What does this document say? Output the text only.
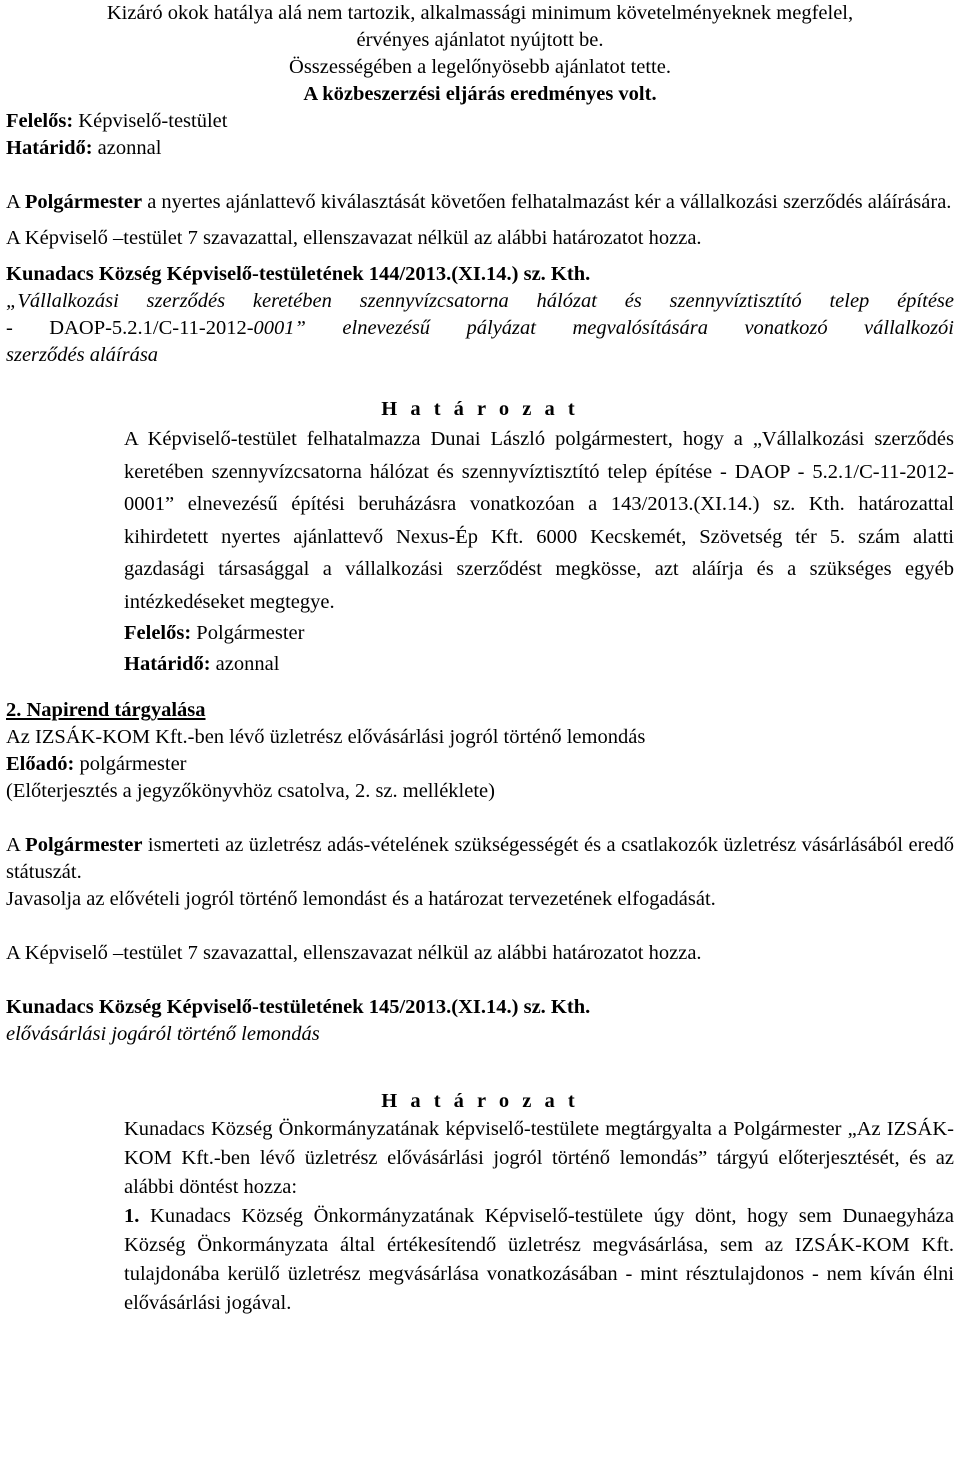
Kizáró okok hatálya alá nem tartozik, alkalmassági minimum követelményeknek megfelel,

érvényes ajánlatot nyújtott be.

Összességében a legelőnyösebb ajánlatot tette.

A közbeszerzési eljárás eredményes volt.

Felelős: Képviselő-testület

Határidő: azonnal

A Polgármester a nyertes ajánlattevő kiválasztását követően felhatalmazást kér a vállalkozási szerződés aláírására.

A Képviselő –testület 7 szavazattal, ellenszavazat nélkül az alábbi határozatot hozza.

Kunadacs Község Képviselő-testületének 144/2013.(XI.14.) sz. Kth.

„Vállalkozási szerződés keretében szennyvízcsatorna hálózat és szennyvíztisztító telep építése

- DAOP-5.2.1/C-11-2012-0001” elnevezésű pályázat megvalósítására vonatkozó vállalkozói

szerződés aláírása

H a t á r o z a t

A Képviselő-testület felhatalmazza Dunai László polgármestert, hogy a „Vállalkozási szerződés keretében szennyvízcsatorna hálózat és szennyvíztisztító telep építése - DAOP - 5.2.1/C-11-2012-0001” elnevezésű építési beruházásra vonatkozóan a 143/2013.(XI.14.) sz. Kth. határozattal kihirdetett nyertes ajánlattevő Nexus-Ép Kft. 6000 Kecskemét, Szövetség tér 5. szám alatti gazdasági társasággal a vállalkozási szerződést megkösse, azt aláírja és a szükséges egyéb intézkedéseket megtegye.

Felelős: Polgármester

Határidő: azonnal

2. Napirend tárgyalása

Az IZSÁK-KOM Kft.-ben lévő üzletrész elővásárlási jogról történő lemondás

Előadó: polgármester

(Előterjesztés a jegyzőkönyvhöz csatolva, 2. sz. melléklete)

A Polgármester ismerteti az üzletrész adás-vételének szükségességét és a csatlakozók üzletrész vásárlásából eredő státuszát.

Javasolja az elővételi jogról történő lemondást és a határozat tervezetének elfogadását.

A Képviselő –testület 7 szavazattal, ellenszavazat nélkül az alábbi határozatot hozza.

Kunadacs Község Képviselő-testületének 145/2013.(XI.14.) sz. Kth.

elővásárlási jogáról történő lemondás

H a t á r o z a t

Kunadacs Község Önkormányzatának képviselő-testülete megtárgyalta a Polgármester „Az IZSÁK-KOM Kft.-ben lévő üzletrész elővásárlási jogról történő lemondás” tárgyú előterjesztését, és az alábbi döntést hozza:

1. Kunadacs Község Önkormányzatának Képviselő-testülete úgy dönt, hogy sem Dunaegyháza Község Önkormányzata által értékesítendő üzletrész megvásárlása, sem az IZSÁK-KOM Kft. tulajdonába kerülő üzletrész megvásárlása vonatkozásában - mint résztulajdonos - nem kíván élni elővásárlási jogával.
